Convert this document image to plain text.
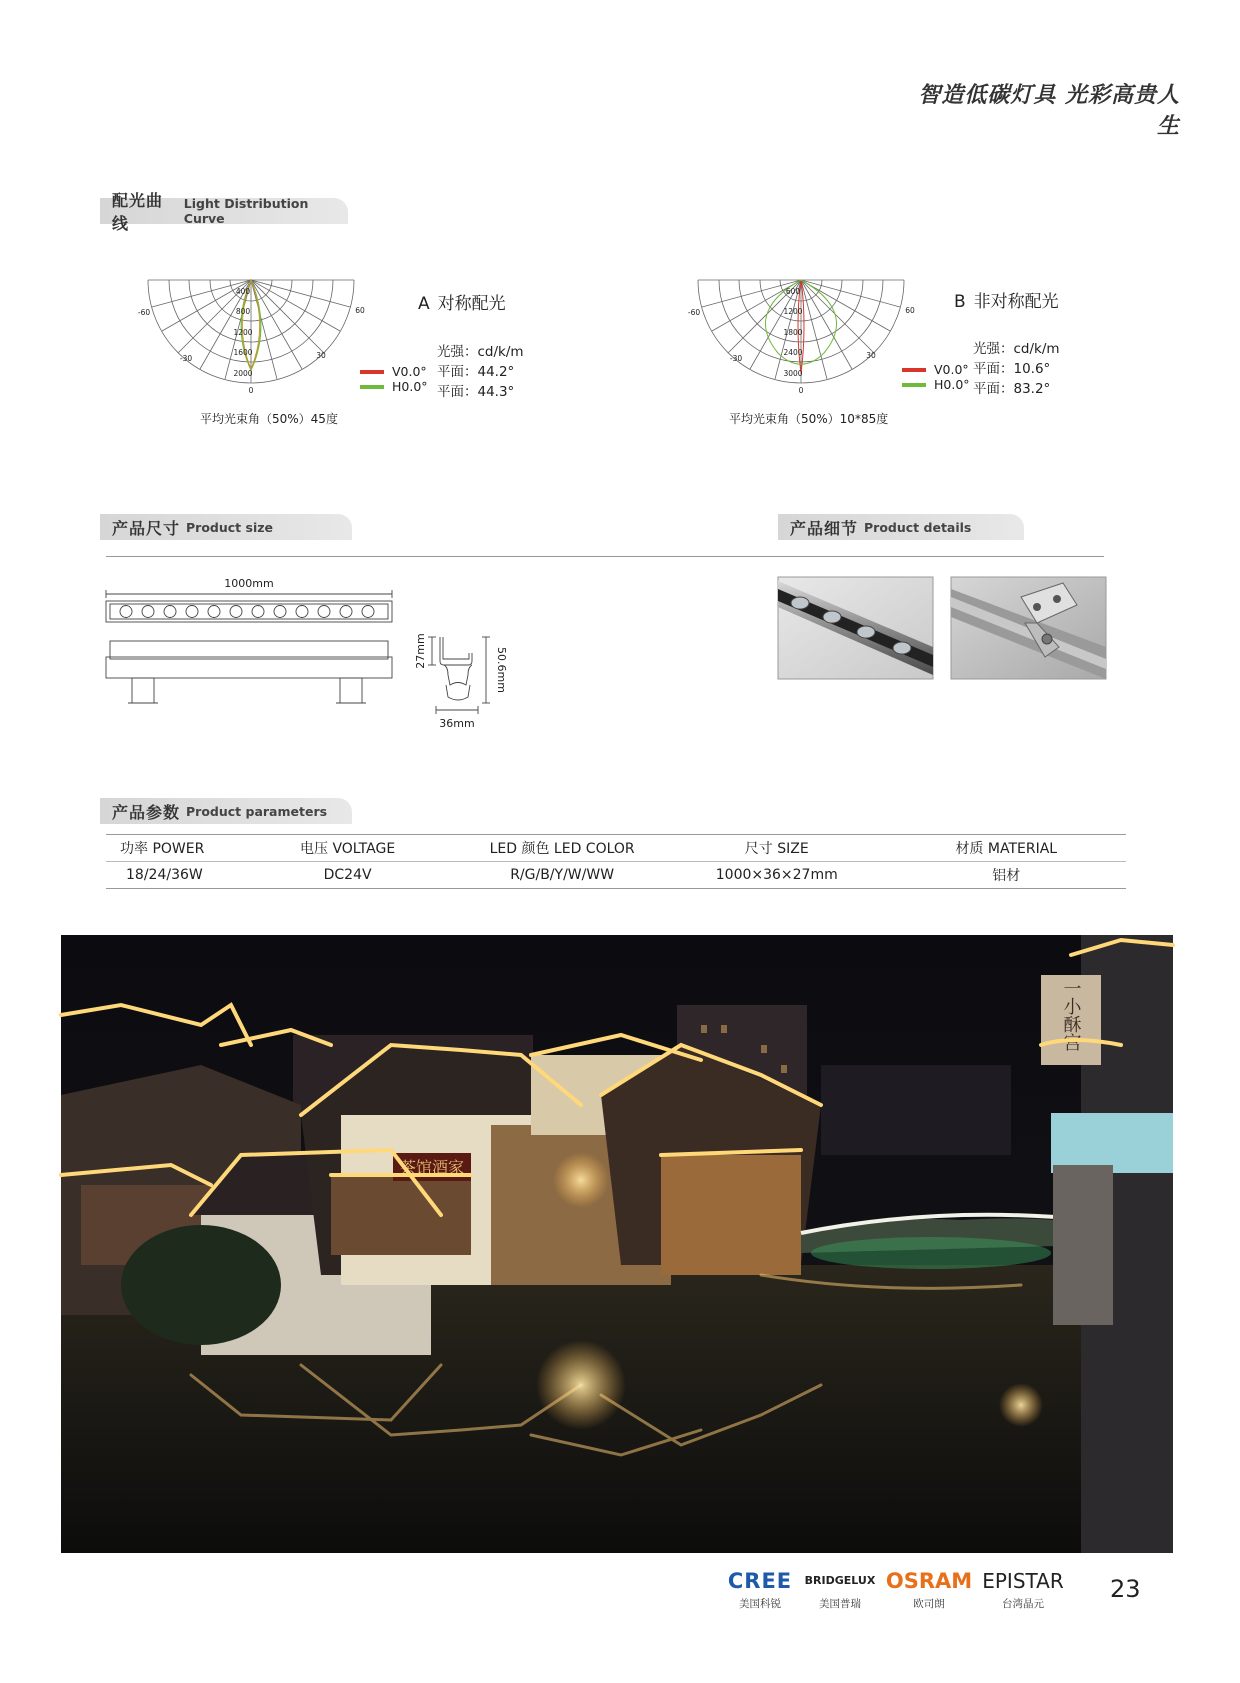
智造低碳灯具 光彩高贵人生
配光曲线
Light Distribution Curve
400
800
1200
1600
2000
-60	60
-30	30
0
A 对称配光
V0.0°
H0.0°
光强：cd/k/m
平面：44.2°
平面：44.3°
平均光束角（50%）45度
600
1200
1800
2400
3000
-60	60
-30	30
0
B 非对称配光
V0.0°
H0.0°
光强：cd/k/m
平面：10.6°
平面：83.2°
平均光束角（50%）10*85度
产品尺寸 Product size	产品细节 Product details
1000mm
36mm
27mm	50.6mm
产品参数 Product parameters
功率 POWER	电压 VOLTAGE	LED 颜色 LED COLOR	尺寸 SIZE	材质 MATERIAL
18/24/36W	DC24V	R/G/B/Y/W/WW	1000×36×27mm	铝材
茶馆酒家
一小酥宫
CREE
美国科锐
BRIDGELUX
美国普瑞
OSRAM
欧司朗
EPISTAR
台湾晶元
23
